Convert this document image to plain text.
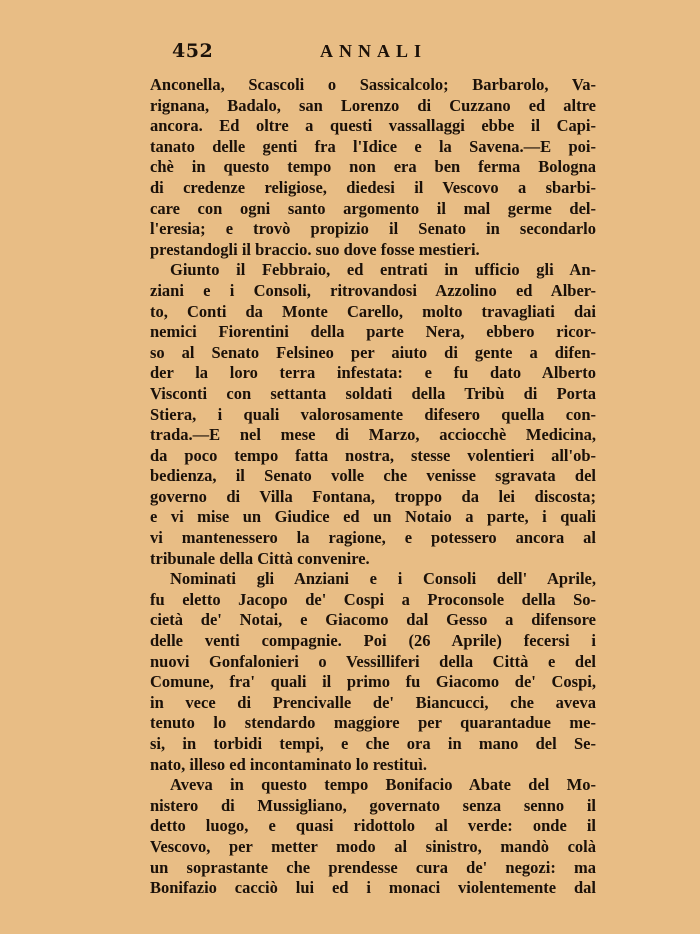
452	ANNALI
Anconella, Scascoli o Sassicalcolo; Barbarolo, Va-
rignana, Badalo, san Lorenzo di Cuzzano ed altre
ancora. Ed oltre a questi vassallaggi ebbe il Capi-
tanato delle genti fra l'Idice e la Savena.—E poi-
chè in questo tempo non era ben ferma Bologna
di credenze religiose, diedesi il Vescovo a sbarbi-
care con ogni santo argomento il mal germe del-
l'eresia; e trovò propizio il Senato in secondarlo
prestandogli il braccio. suo dove fosse mestieri.
Giunto il Febbraio, ed entrati in ufficio gli An-
ziani e i Consoli, ritrovandosi Azzolino ed Alber-
to, Conti da Monte Carello, molto travagliati dai
nemici Fiorentini della parte Nera, ebbero ricor-
so al Senato Felsineo per aiuto di gente a difen-
der la loro terra infestata: e fu dato Alberto
Visconti con settanta soldati della Tribù di Porta
Stiera, i quali valorosamente difesero quella con-
trada.—E nel mese di Marzo, acciocchè Medicina,
da poco tempo fatta nostra, stesse volentieri all'ob-
bedienza, il Senato volle che venisse sgravata del
governo di Villa Fontana, troppo da lei discosta;
e vi mise un Giudice ed un Notaio a parte, i quali
vi mantenessero la ragione, e potessero ancora al
tribunale della Città convenire.
Nominati gli Anziani e i Consoli dell' Aprile,
fu eletto Jacopo de' Cospi a Proconsole della So-
cietà de' Notai, e Giacomo dal Gesso a difensore
delle venti compagnie. Poi (26 Aprile) fecersi i
nuovi Gonfalonieri o Vessilliferi della Città e del
Comune, fra' quali il primo fu Giacomo de' Cospi,
in vece di Prencivalle de' Biancucci, che aveva
tenuto lo stendardo maggiore per quarantadue me-
si, in torbidi tempi, e che ora in mano del Se-
nato, illeso ed incontaminato lo restituì.
Aveva in questo tempo Bonifacio Abate del Mo-
nistero di Mussigliano, governato senza senno il
detto luogo, e quasi ridottolo al verde: onde il
Vescovo, per metter modo al sinistro, mandò colà
un soprastante che prendesse cura de' negozi: ma
Bonifazio cacciò lui ed i monaci violentemente dal
